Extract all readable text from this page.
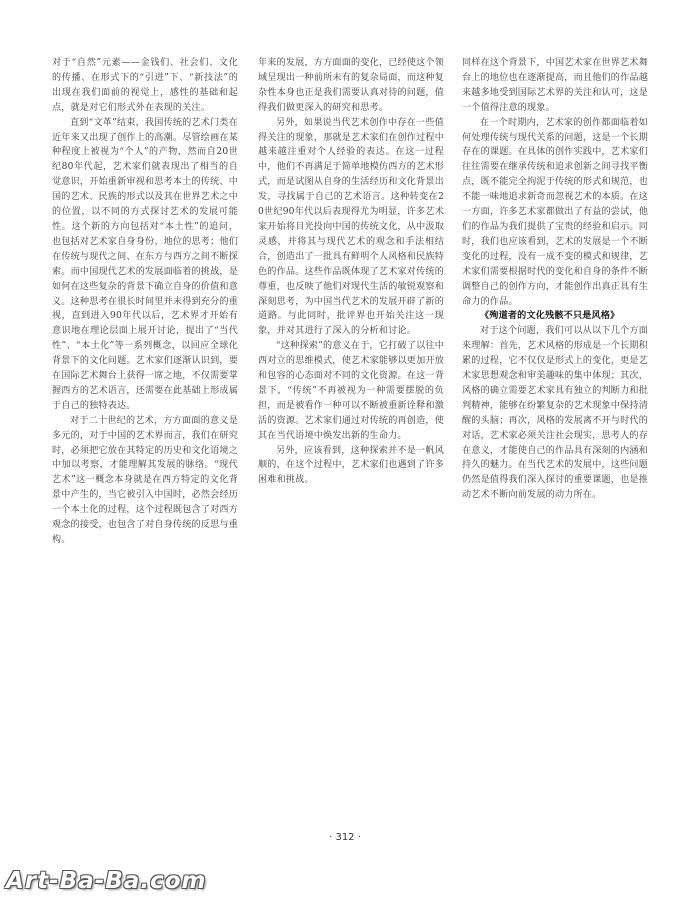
对于“自然”元素——金钱们、社会们、文化的传播、在形式下的“引进”下、“新技法”的出现在我们面前的视觉上，感性的基础和起点，就是对它们形式外在表现的关注。

直到“文革”结束，我国传统的艺术门类在近年来又出现了创作上的高潮。尽管绘画在某种程度上被视为“个人”的产物，然而自20世纪80年代起，艺术家们就表现出了相当的自觉意识，开始重新审视和思考本土的传统、中国的艺术、民族的形式以及其在世界艺术之中的位置，以不同的方式探讨艺术的发展可能性。这个新的方向包括对“本土性”的追问，也包括对艺术家自身身份、地位的思考；他们在传统与现代之间、在东方与西方之间不断探索。而中国现代艺术的发展面临着的挑战，是如何在这些复杂的背景下确立自身的价值和意义。这种思考在很长时间里并未得到充分的重视，直到进入90年代以后，艺术界才开始有意识地在理论层面上展开讨论，提出了“当代性”、“本土化”等一系列概念，以回应全球化背景下的文化问题。艺术家们逐渐认识到，要在国际艺术舞台上获得一席之地，不仅需要掌握西方的艺术语言，还需要在此基础上形成属于自己的独特表达。

对于二十世纪的艺术，方方面面的意义是多元的，对于中国的艺术界而言，我们在研究时，必须把它放在其特定的历史和文化语境之中加以考察，才能理解其发展的脉络。“现代艺术”这一概念本身就是在西方特定的文化背景中产生的，当它被引入中国时，必然会经历一个本土化的过程，这个过程既包含了对西方观念的接受，也包含了对自身传统的反思与重构。

年来的发展，方方面面的变化，已经使这个领域呈现出一种前所未有的复杂局面，而这种复杂性本身也正是我们需要认真对待的问题，值得我们做更深入的研究和思考。

另外，如果说当代艺术创作中存在一些值得关注的现象，那就是艺术家们在创作过程中越来越注重对个人经验的表达。在这一过程中，他们不再满足于简单地模仿西方的艺术形式，而是试图从自身的生活经历和文化背景出发，寻找属于自己的艺术语言。这种转变在20世纪90年代以后表现得尤为明显，许多艺术家开始将目光投向中国的传统文化，从中汲取灵感，并将其与现代艺术的观念和手法相结合，创造出了一批具有鲜明个人风格和民族特色的作品。这些作品既体现了艺术家对传统的尊重，也反映了他们对现代生活的敏锐观察和深刻思考，为中国当代艺术的发展开辟了新的道路。与此同时，批评界也开始关注这一现象，并对其进行了深入的分析和讨论。

“这种探索”的意义在于，它打破了以往中西对立的思维模式，使艺术家能够以更加开放和包容的心态面对不同的文化资源。在这一背景下，“传统”不再被视为一种需要摆脱的负担，而是被看作一种可以不断被重新诠释和激活的资源。艺术家们通过对传统的再创造，使其在当代语境中焕发出新的生命力。

另外，应该看到，这种探索并不是一帆风顺的，在这个过程中，艺术家们也遇到了许多困难和挑战。

同样在这个背景下，中国艺术家在世界艺术舞台上的地位也在逐渐提高，而且他们的作品越来越多地受到国际艺术界的关注和认可，这是一个值得注意的现象。

在一个时期内，艺术家的创作都面临着如何处理传统与现代关系的问题，这是一个长期存在的课题。在具体的创作实践中，艺术家们往往需要在继承传统和追求创新之间寻找平衡点，既不能完全拘泥于传统的形式和规范，也不能一味地追求新奇而忽视艺术的本质。在这一方面，许多艺术家都做出了有益的尝试，他们的作品为我们提供了宝贵的经验和启示。同时，我们也应该看到，艺术的发展是一个不断变化的过程，没有一成不变的模式和规律，艺术家们需要根据时代的变化和自身的条件不断调整自己的创作方向，才能创作出真正具有生命力的作品。

《殉道者的文化残骸不只是风格》

对于这个问题，我们可以从以下几个方面来理解：首先，艺术风格的形成是一个长期积累的过程，它不仅仅是形式上的变化，更是艺术家思想观念和审美趣味的集中体现；其次，风格的确立需要艺术家具有独立的判断力和批判精神，能够在纷繁复杂的艺术现象中保持清醒的头脑；再次，风格的发展离不开与时代的对话，艺术家必须关注社会现实，思考人的存在意义，才能使自己的作品具有深刻的内涵和持久的魅力。在当代艺术的发展中，这些问题仍然是值得我们深入探讨的重要课题，也是推动艺术不断向前发展的动力所在。

· 312 ·
Art-Ba-Ba.com
